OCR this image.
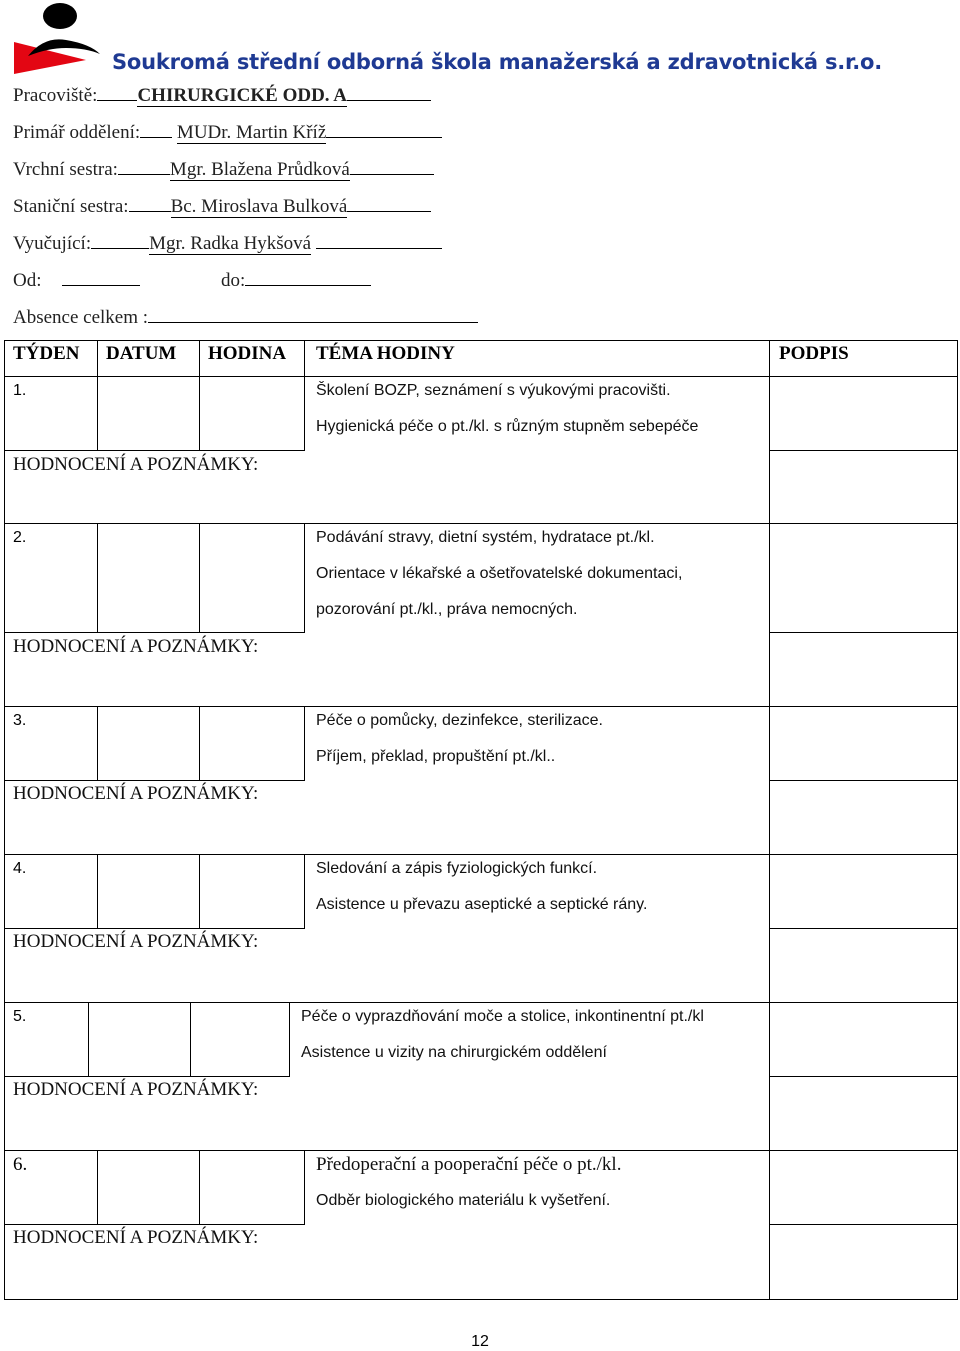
Soukromá střední odborná škola manažerská a zdravotnická s.r.o.
Pracoviště: CHIRURGICKÉ ODD. A
Primář oddělení: MUDr. Martin Kříž
Vrchní sestra:	Mgr. Blažena Průdková
Staniční sestra: Bc. Miroslava Bulková
Vyučující:	Mgr. Radka Hykšová
Od:	do:
Absence celkem :
TÝDEN DATUM HODINA TÉMA HODINY	PODPIS
1.	Školení BOZP, seznámení s výukovými pracovišti.
Hygienická péče o pt./kl. s různým stupněm sebepéče
HODNOCENÍ A POZNÁMKY:
2.	Podávání stravy, dietní systém, hydratace pt./kl.
Orientace v lékařské a ošetřovatelské dokumentaci,
pozorování pt./kl., práva nemocných.
HODNOCENÍ A POZNÁMKY:
3.	Péče o pomůcky, dezinfekce, sterilizace.
Příjem, překlad, propuštění pt./kl..
HODNOCENÍ A POZNÁMKY:
4.	Sledování a zápis fyziologických funkcí.
Asistence u převazu aseptické a septické rány.
HODNOCENÍ A POZNÁMKY:
5.	Péče o vyprazdňování moče a stolice, inkontinentní pt./kl
Asistence u vizity na chirurgickém oddělení
HODNOCENÍ A POZNÁMKY:
6.	Předoperační a pooperační péče o pt./kl.
Odběr biologického materiálu k vyšetření.
HODNOCENÍ A POZNÁMKY:
12
